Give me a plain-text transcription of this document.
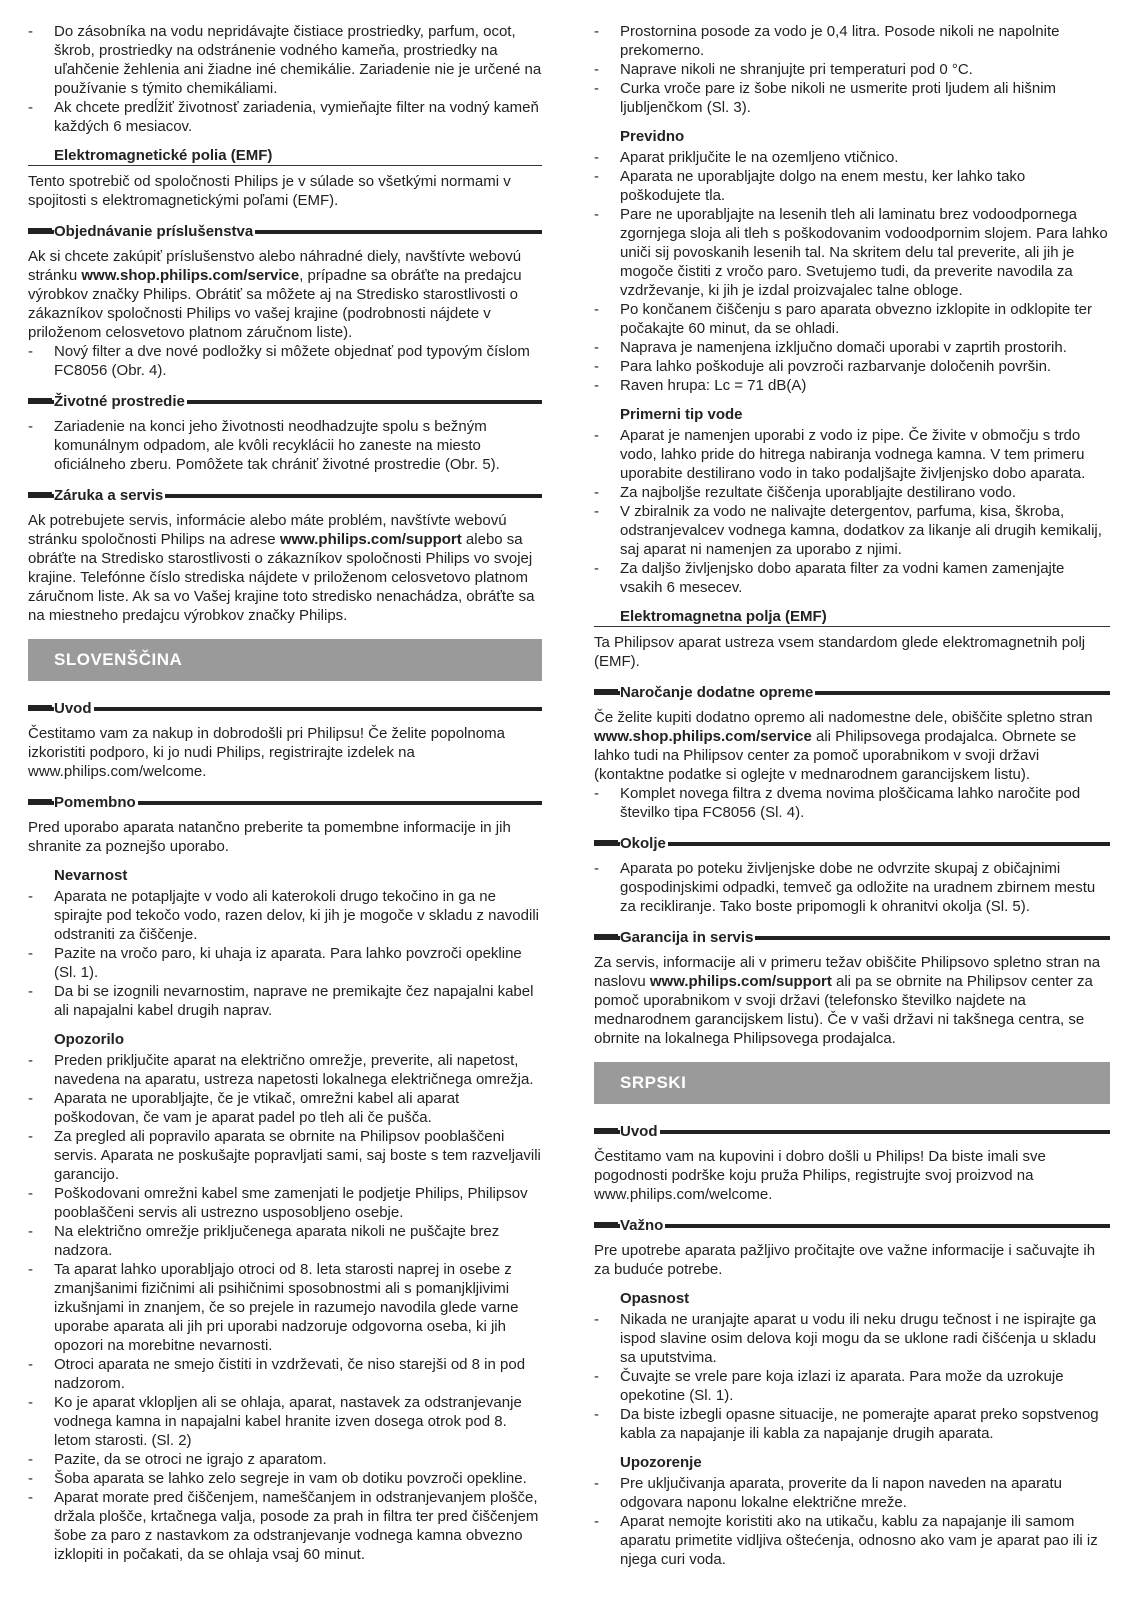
- Do zásobníka na vodu nepridávajte čistiace prostriedky, parfum, ocot, škrob, prostriedky na odstránenie vodného kameňa, prostriedky na uľahčenie žehlenia ani žiadne iné chemikálie. Zariadenie nie je určené na používanie s týmito chemikáliami.

- Ak chcete predĺžiť životnosť zariadenia, vymieňajte filter na vodný kameň každých 6 mesiacov.

Elektromagnetické polia (EMF)

Tento spotrebič od spoločnosti Philips je v súlade so všetkými normami v spojitosti s elektromagnetickými poľami (EMF).

Objednávanie príslušenstva

Ak si chcete zakúpiť príslušenstvo alebo náhradné diely, navštívte webovú stránku www.shop.philips.com/service, prípadne sa obráťte na predajcu výrobkov značky Philips. Obrátiť sa môžete aj na Stredisko starostlivosti o zákazníkov spoločnosti Philips vo vašej krajine (podrobnosti nájdete v priloženom celosvetovo platnom záručnom liste).

- Nový filter a dve nové podložky si môžete objednať pod typovým číslom FC8056 (Obr. 4).

Životné prostredie

- Zariadenie na konci jeho životnosti neodhadzujte spolu s bežným komunálnym odpadom, ale kvôli recyklácii ho zaneste na miesto oficiálneho zberu. Pomôžete tak chrániť životné prostredie (Obr. 5).

Záruka a servis

Ak potrebujete servis, informácie alebo máte problém, navštívte webovú stránku spoločnosti Philips na adrese www.philips.com/support alebo sa obráťte na Stredisko starostlivosti o zákazníkov spoločnosti Philips vo svojej krajine. Telefónne číslo strediska nájdete v priloženom celosvetovo platnom záručnom liste. Ak sa vo Vašej krajine toto stredisko nenachádza, obráťte sa na miestneho predajcu výrobkov značky Philips.

SLOVENŠČINA
Uvod

Čestitamo vam za nakup in dobrodošli pri Philipsu! Če želite popolnoma izkoristiti podporo, ki jo nudi Philips, registrirajte izdelek na www.philips.com/welcome.

Pomembno

Pred uporabo aparata natančno preberite ta pomembne informacije in jih shranite za poznejšo uporabo.

Nevarnost

- Aparata ne potapljajte v vodo ali katerokoli drugo tekočino in ga ne spirajte pod tekočo vodo, razen delov, ki jih je mogoče v skladu z navodili odstraniti za čiščenje.

- Pazite na vročo paro, ki uhaja iz aparata. Para lahko povzroči opekline (Sl. 1).

- Da bi se izognili nevarnostim, naprave ne premikajte čez napajalni kabel ali napajalni kabel drugih naprav.

Opozorilo

- Preden priključite aparat na električno omrežje, preverite, ali napetost, navedena na aparatu, ustreza napetosti lokalnega električnega omrežja.

- Aparata ne uporabljajte, če je vtikač, omrežni kabel ali aparat poškodovan, če vam je aparat padel po tleh ali če pušča.

- Za pregled ali popravilo aparata se obrnite na Philipsov pooblaščeni servis. Aparata ne poskušajte popravljati sami, saj boste s tem razveljavili garancijo.

- Poškodovani omrežni kabel sme zamenjati le podjetje Philips, Philipsov pooblaščeni servis ali ustrezno usposobljeno osebje.

- Na električno omrežje priključenega aparata nikoli ne puščajte brez nadzora.

- Ta aparat lahko uporabljajo otroci od 8. leta starosti naprej in osebe z zmanjšanimi fizičnimi ali psihičnimi sposobnostmi ali s pomanjkljivimi izkušnjami in znanjem, če so prejele in razumejo navodila glede varne uporabe aparata ali jih pri uporabi nadzoruje odgovorna oseba, ki jih opozori na morebitne nevarnosti.

- Otroci aparata ne smejo čistiti in vzdrževati, če niso starejši od 8 in pod nadzorom.

- Ko je aparat vklopljen ali se ohlaja, aparat, nastavek za odstranjevanje vodnega kamna in napajalni kabel hranite izven dosega otrok pod 8. letom starosti. (Sl. 2)

- Pazite, da se otroci ne igrajo z aparatom.

- Šoba aparata se lahko zelo segreje in vam ob dotiku povzroči opekline.

- Aparat morate pred čiščenjem, nameščanjem in odstranjevanjem plošče, držala plošče, krtačnega valja, posode za prah in filtra ter pred čiščenjem šobe za paro z nastavkom za odstranjevanje vodnega kamna obvezno izklopiti in počakati, da se ohlaja vsaj 60 minut.

- Prostornina posode za vodo je 0,4 litra. Posode nikoli ne napolnite prekomerno.

- Naprave nikoli ne shranjujte pri temperaturi pod 0 °C.

- Curka vroče pare iz šobe nikoli ne usmerite proti ljudem ali hišnim ljubljenčkom (Sl. 3).

Previdno

- Aparat priključite le na ozemljeno vtičnico.

- Aparata ne uporabljajte dolgo na enem mestu, ker lahko tako poškodujete tla.

- Pare ne uporabljajte na lesenih tleh ali laminatu brez vodoodpornega zgornjega sloja ali tleh s poškodovanim vodoodpornim slojem. Para lahko uniči sij povoskanih lesenih tal. Na skritem delu tal preverite, ali jih je mogoče čistiti z vročo paro. Svetujemo tudi, da preverite navodila za vzdrževanje, ki jih je izdal proizvajalec talne obloge.

- Po končanem čiščenju s paro aparata obvezno izklopite in odklopite ter počakajte 60 minut, da se ohladi.

- Naprava je namenjena izključno domači uporabi v zaprtih prostorih.

- Para lahko poškoduje ali povzroči razbarvanje določenih površin.

- Raven hrupa: Lc = 71 dB(A)

Primerni tip vode

- Aparat je namenjen uporabi z vodo iz pipe. Če živite v območju s trdo vodo, lahko pride do hitrega nabiranja vodnega kamna. V tem primeru uporabite destilirano vodo in tako podaljšajte življenjsko dobo aparata.

- Za najboljše rezultate čiščenja uporabljajte destilirano vodo.

- V zbiralnik za vodo ne nalivajte detergentov, parfuma, kisa, škroba, odstranjevalcev vodnega kamna, dodatkov za likanje ali drugih kemikalij, saj aparat ni namenjen za uporabo z njimi.

- Za daljšo življenjsko dobo aparata filter za vodni kamen zamenjajte vsakih 6 mesecev.

Elektromagnetna polja (EMF)

Ta Philipsov aparat ustreza vsem standardom glede elektromagnetnih polj (EMF).

Naročanje dodatne opreme

Če želite kupiti dodatno opremo ali nadomestne dele, obiščite spletno stran www.shop.philips.com/service ali Philipsovega prodajalca. Obrnete se lahko tudi na Philipsov center za pomoč uporabnikom v svoji državi (kontaktne podatke si oglejte v mednarodnem garancijskem listu).

- Komplet novega filtra z dvema novima ploščicama lahko naročite pod številko tipa FC8056 (Sl. 4).

Okolje

- Aparata po poteku življenjske dobe ne odvrzite skupaj z običajnimi gospodinjskimi odpadki, temveč ga odložite na uradnem zbirnem mestu za recikliranje. Tako boste pripomogli k ohranitvi okolja (Sl. 5).

Garancija in servis

Za servis, informacije ali v primeru težav obiščite Philipsovo spletno stran na naslovu www.philips.com/support ali pa se obrnite na Philipsov center za pomoč uporabnikom v svoji državi (telefonsko številko najdete na mednarodnem garancijskem listu). Če v vaši državi ni takšnega centra, se obrnite na lokalnega Philipsovega prodajalca.

SRPSKI
Uvod

Čestitamo vam na kupovini i dobro došli u Philips! Da biste imali sve pogodnosti podrške koju pruža Philips, registrujte svoj proizvod na www.philips.com/welcome.

Važno

Pre upotrebe aparata pažljivo pročitajte ove važne informacije i sačuvajte ih za buduće potrebe.

Opasnost

- Nikada ne uranjajte aparat u vodu ili neku drugu tečnost i ne ispirajte ga ispod slavine osim delova koji mogu da se uklone radi čišćenja u skladu sa uputstvima.

- Čuvajte se vrele pare koja izlazi iz aparata. Para može da uzrokuje opekotine (Sl. 1).

- Da biste izbegli opasne situacije, ne pomerajte aparat preko sopstvenog kabla za napajanje ili kabla za napajanje drugih aparata.

Upozorenje

- Pre uključivanja aparata, proverite da li napon naveden na aparatu odgovara naponu lokalne električne mreže.

- Aparat nemojte koristiti ako na utikaču, kablu za napajanje ili samom aparatu primetite vidljiva oštećenja, odnosno ako vam je aparat pao ili iz njega curi voda.
